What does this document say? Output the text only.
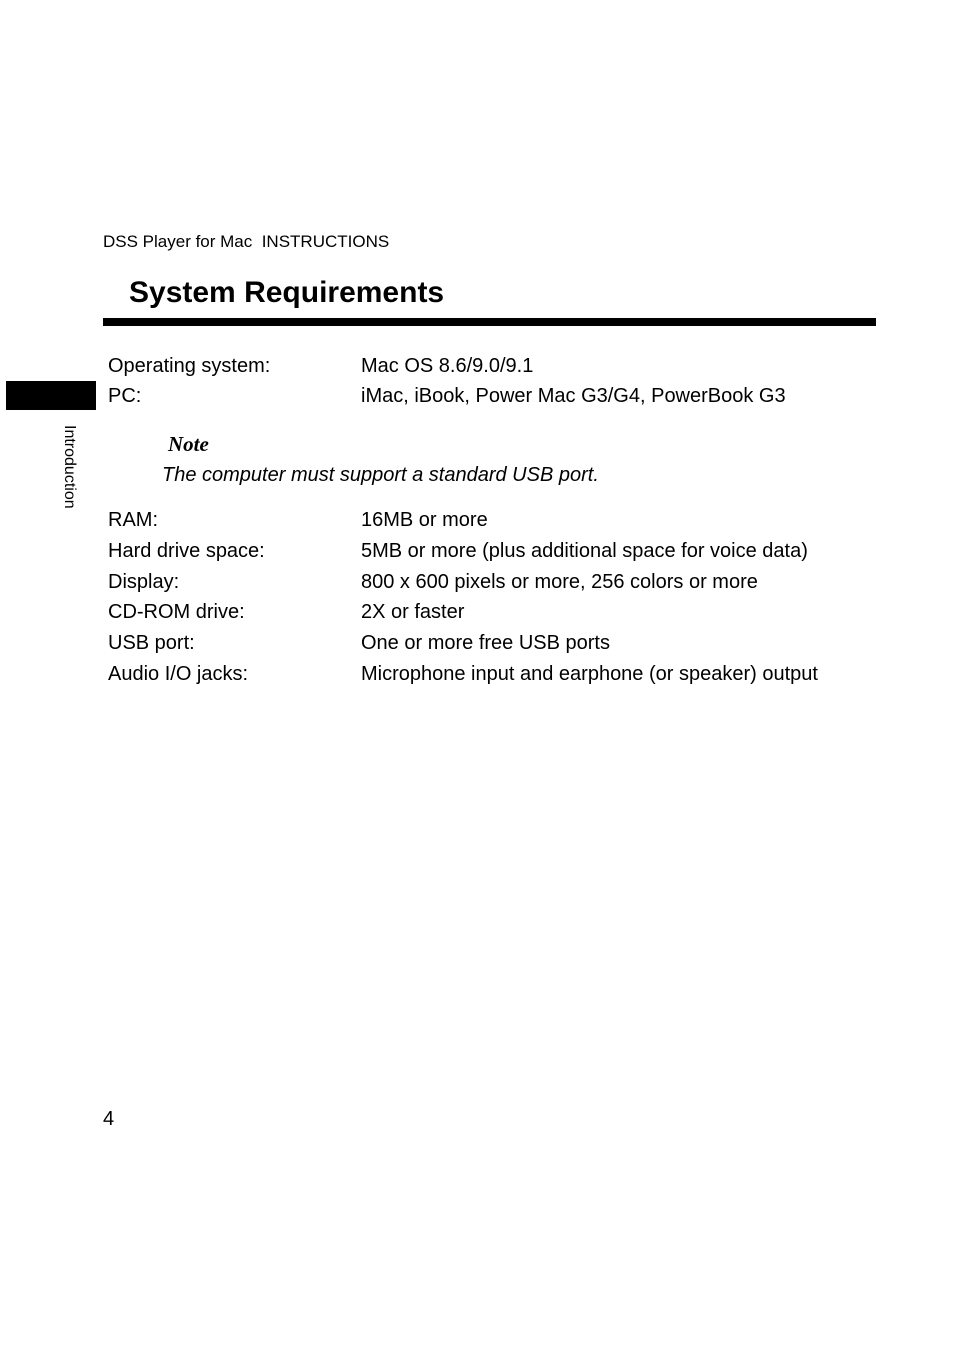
DSS Player for Mac  INSTRUCTIONS
System Requirements
Introduction
Operating system:	Mac OS 8.6/9.0/9.1
PC:	iMac, iBook, Power Mac G3/G4, PowerBook G3
Note
The computer must support a standard USB port.
RAM:	16MB or more
Hard drive space:	5MB or more (plus additional space for voice data)
Display:	800 x 600 pixels or more, 256 colors or more
CD-ROM drive:	2X or faster
USB port:	One or more free USB ports
Audio I/O jacks:	Microphone input and earphone (or speaker) output
4
